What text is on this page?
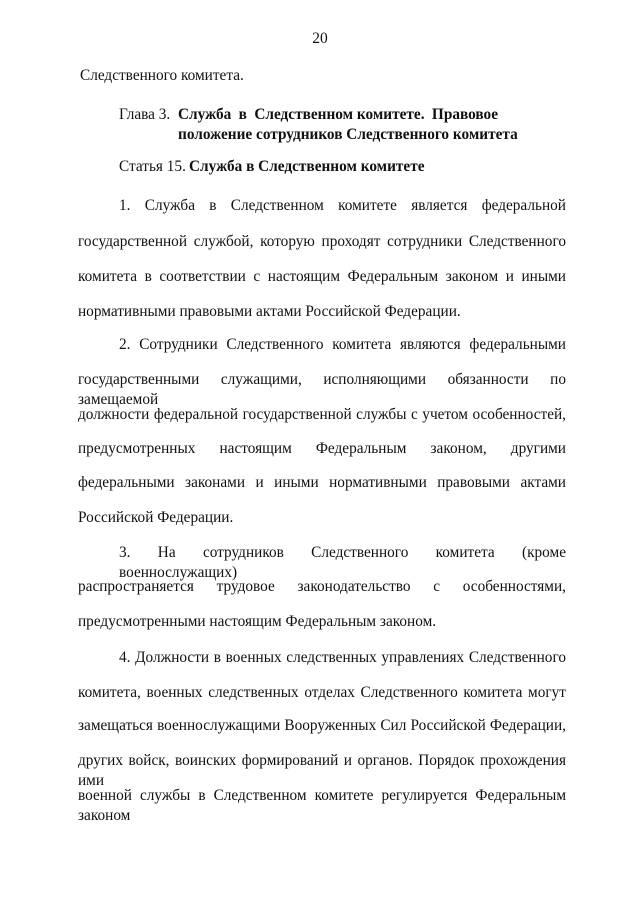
20
Следственного комитета.
Глава 3. Служба в Следственном комитете. Правовое
положение сотрудников Следственного комитета
Статья 15. Служба в Следственном комитете
1. Служба в Следственном комитете является федеральной
государственной службой, которую проходят сотрудники Следственного
комитета в соответствии с настоящим Федеральным законом и иными
нормативными правовыми актами Российской Федерации.
2. Сотрудники Следственного комитета являются федеральными
государственными служащими, исполняющими обязанности по замещаемой
должности федеральной государственной службы с учетом особенностей,
предусмотренных настоящим Федеральным законом, другими
федеральными законами и иными нормативными правовыми актами
Российской Федерации.
3. На сотрудников Следственного комитета (кроме военнослужащих)
распространяется трудовое законодательство с особенностями,
предусмотренными настоящим Федеральным законом.
4. Должности в военных следственных управлениях Следственного
комитета, военных следственных отделах Следственного комитета могут
замещаться военнослужащими Вооруженных Сил Российской Федерации,
других войск, воинских формирований и органов. Порядок прохождения ими
военной службы в Следственном комитете регулируется Федеральным законом
